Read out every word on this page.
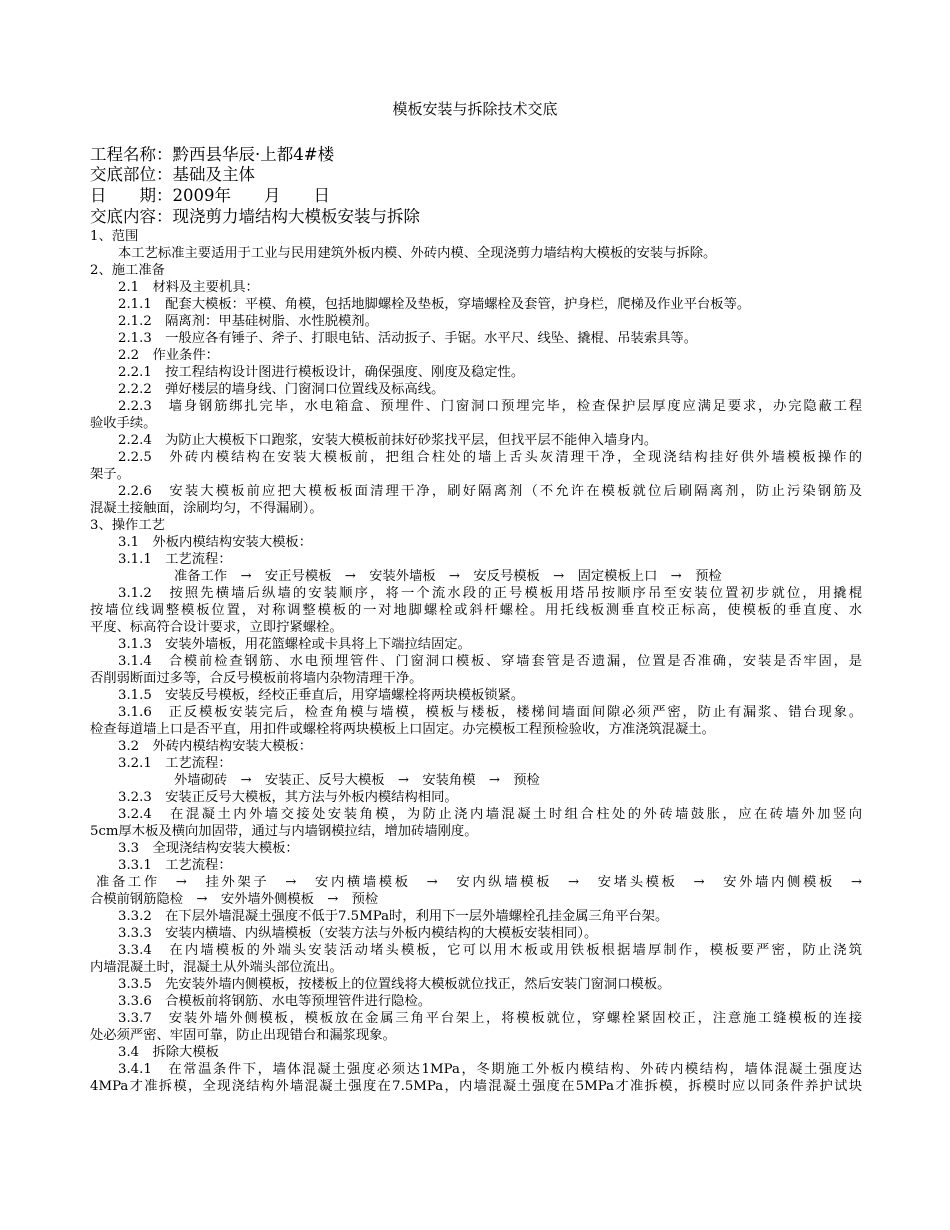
模板安装与拆除技术交底
工程名称：黔西县华辰·上都4#楼
交底部位：基础及主体
日　　期：2009年　　月　　日
交底内容：现浇剪力墙结构大模板安装与拆除
1、范围
本工艺标准主要适用于工业与民用建筑外板内模、外砖内模、全现浇剪力墙结构大模板的安装与拆除。
2、施工准备
2.1　材料及主要机具：
2.1.1　配套大模板：平模、角模，包括地脚螺栓及垫板，穿墙螺栓及套管，护身栏，爬梯及作业平台板等。
2.1.2　隔离剂：甲基硅树脂、水性脱模剂。
2.1.3　一般应各有锤子、斧子、打眼电钻、活动扳子、手锯。水平尺、线坠、撬棍、吊装索具等。
2.2　作业条件：
2.2.1　按工程结构设计图进行模板设计，确保强度、刚度及稳定性。
2.2.2　弹好楼层的墙身线、门窗洞口位置线及标高线。
2.2.3　墙身钢筋绑扎完毕，水电箱盒、预埋件、门窗洞口预埋完毕，检查保护层厚度应满足要求，办完隐蔽工程
验收手续。
2.2.4　为防止大模板下口跑浆，安装大模板前抹好砂浆找平层，但找平层不能伸入墙身内。
2.2.5　外砖内模结构在安装大模板前，把组合柱处的墙上舌头灰清理干净，全现浇结构挂好供外墙模板操作的
架子。
2.2.6　安装大模板前应把大模板板面清理干净，刷好隔离剂（不允许在模板就位后刷隔离剂，防止污染钢筋及
混凝土接触面，涂刷均匀，不得漏刷）。
3、操作工艺
3.1　外板内模结构安装大模板：
3.1.1　工艺流程：
准备工作　→　安正号模板　→　安装外墙板　→　安反号模板　→　固定模板上口　→　预检
3.1.2　按照先横墙后纵墙的安装顺序，将一个流水段的正号模板用塔吊按顺序吊至安装位置初步就位，用撬棍
按墙位线调整模板位置，对称调整模板的一对地脚螺栓或斜杆螺栓。用托线板测垂直校正标高，使模板的垂直度、水
平度、标高符合设计要求，立即拧紧螺栓。
3.1.3　安装外墙板，用花篮螺栓或卡具将上下端拉结固定。
3.1.4　合模前检查钢筋、水电预埋管件、门窗洞口模板、穿墙套管是否遗漏，位置是否准确，安装是否牢固，是
否削弱断面过多等，合反号模板前将墙内杂物清理干净。
3.1.5　安装反号模板，经校正垂直后，用穿墙螺栓将两块模板锁紧。
3.1.6　正反模板安装完后，检查角模与墙模，模板与楼板，楼梯间墙面间隙必须严密，防止有漏浆、错台现象。
检查每道墙上口是否平直，用扣件或螺栓将两块模板上口固定。办完模板工程预检验收，方准浇筑混凝土。
3.2　外砖内模结构安装大模板：
3.2.1　工艺流程：
外墙砌砖　→　安装正、反号大模板　→　安装角模　→　预检
3.2.3　安装正反号大模板，其方法与外板内模结构相同。
3.2.4　在混凝土内外墙交接处安装角模，为防止浇内墙混凝土时组合柱处的外砖墙鼓胀，应在砖墙外加竖向
5cm厚木板及横向加固带，通过与内墙钢模拉结，增加砖墙刚度。
3.3　全现浇结构安装大模板：
3.3.1　工艺流程：
准备工作　→　挂外架子　→　安内横墙模板　→　安内纵墙模板　→　安堵头模板　→　安外墙内侧模板　→
合模前钢筋隐检　→　安外墙外侧模板　→　预检
3.3.2　在下层外墙混凝土强度不低于7.5MPa时，利用下一层外墙螺栓孔挂金属三角平台架。
3.3.3　安装内横墙、内纵墙模板（安装方法与外板内模结构的大模板安装相同）。
3.3.4　在内墙模板的外端头安装活动堵头模板，它可以用木板或用铁板根据墙厚制作，模板要严密，防止浇筑
内墙混凝土时，混凝土从外端头部位流出。
3.3.5　先安装外墙内侧模板，按楼板上的位置线将大模板就位找正，然后安装门窗洞口模板。
3.3.6　合模板前将钢筋、水电等预埋管件进行隐检。
3.3.7　安装外墙外侧模板，模板放在金属三角平台架上，将模板就位，穿螺栓紧固校正，注意施工缝模板的连接
处必须严密、牢固可靠，防止出现错台和漏浆现象。
3.4　拆除大模板
3.4.1　在常温条件下，墙体混凝土强度必须达1MPa，冬期施工外板内模结构、外砖内模结构，墙体混凝土强度达
4MPa才准拆模，全现浇结构外墙混凝土强度在7.5MPa，内墙混凝土强度在5MPa才准拆模，拆模时应以同条件养护试块
